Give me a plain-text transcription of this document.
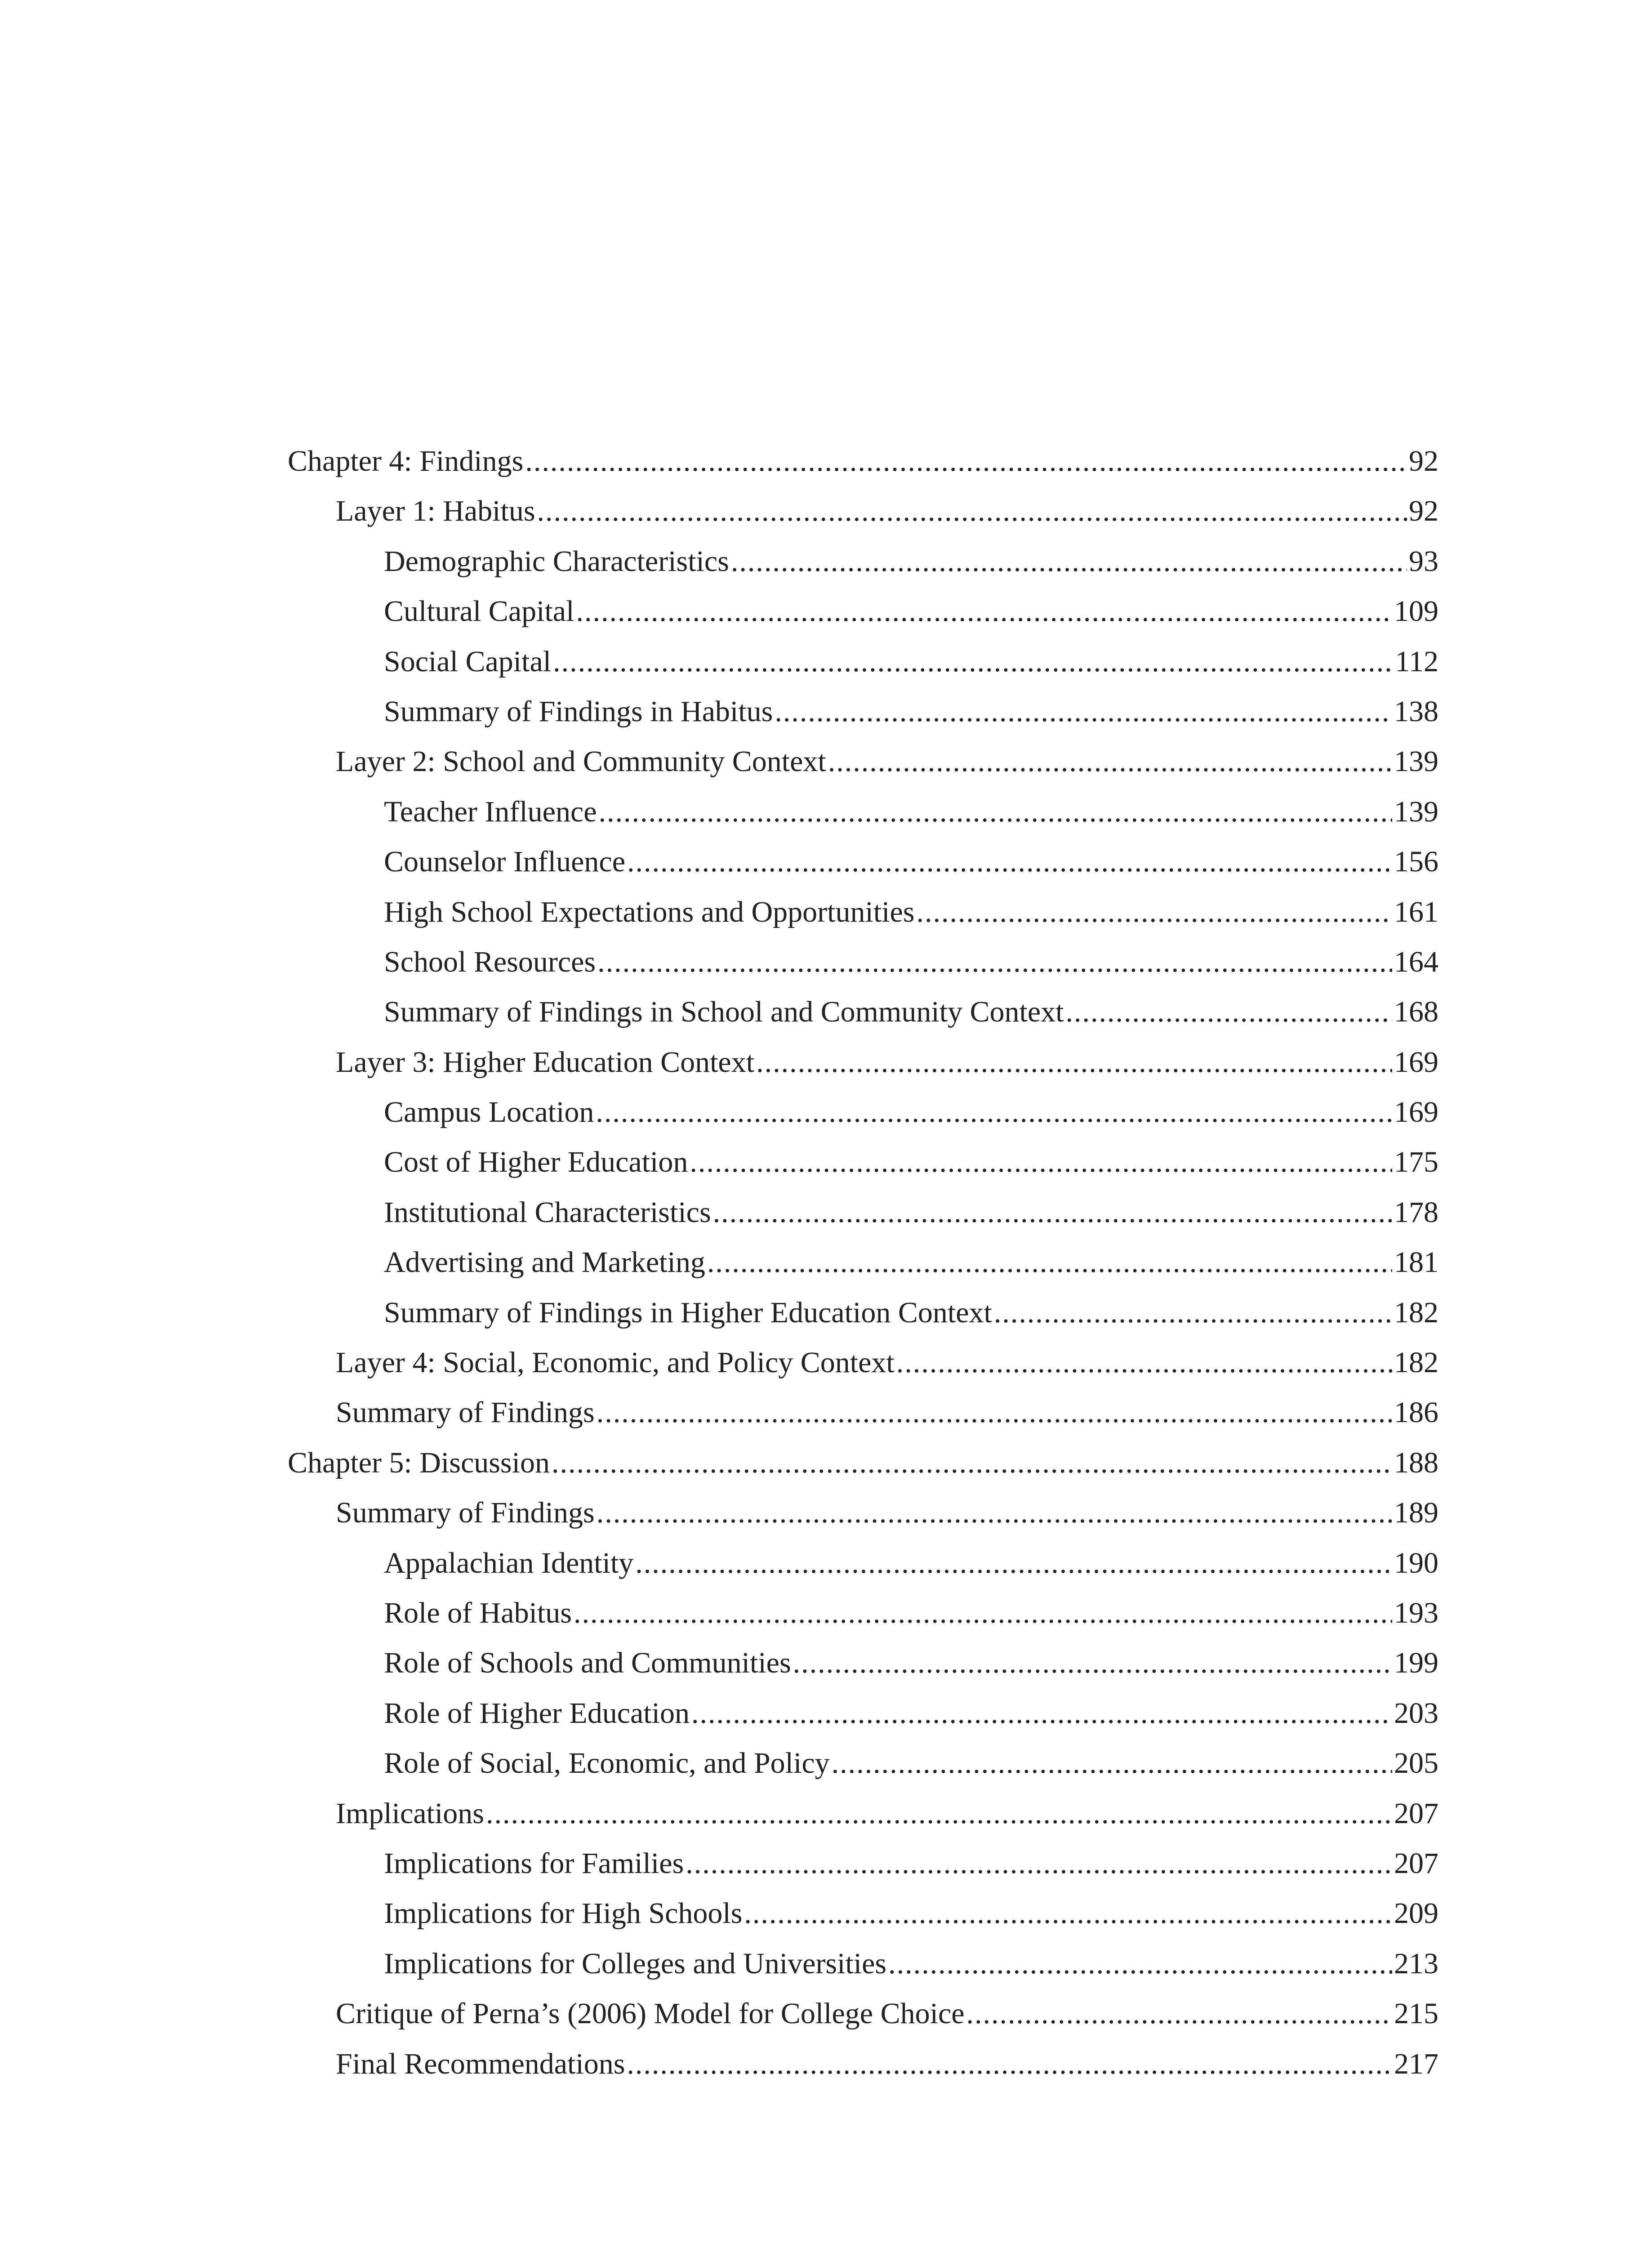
Chapter 4: Findings .....	92
Layer 1: Habitus .....	92
Demographic Characteristics .....	93
Cultural Capital .....	109
Social Capital .....	112
Summary of Findings in Habitus .....	138
Layer 2: School and Community Context .....	139
Teacher Influence .....	139
Counselor Influence .....	156
High School Expectations and Opportunities .....	161
School Resources .....	164
Summary of Findings in School and Community Context .....	168
Layer 3: Higher Education Context .....	169
Campus Location .....	169
Cost of Higher Education .....	175
Institutional Characteristics .....	178
Advertising and Marketing .....	181
Summary of Findings in Higher Education Context .....	182
Layer 4: Social, Economic, and Policy Context .....	182
Summary of Findings .....	186
Chapter 5: Discussion .....	188
Summary of Findings .....	189
Appalachian Identity .....	190
Role of Habitus .....	193
Role of Schools and Communities .....	199
Role of Higher Education .....	203
Role of Social, Economic, and Policy .....	205
Implications .....	207
Implications for Families .....	207
Implications for High Schools .....	209
Implications for Colleges and Universities .....	213
Critique of Perna’s (2006) Model for College Choice .....	215
Final Recommendations .....	217
